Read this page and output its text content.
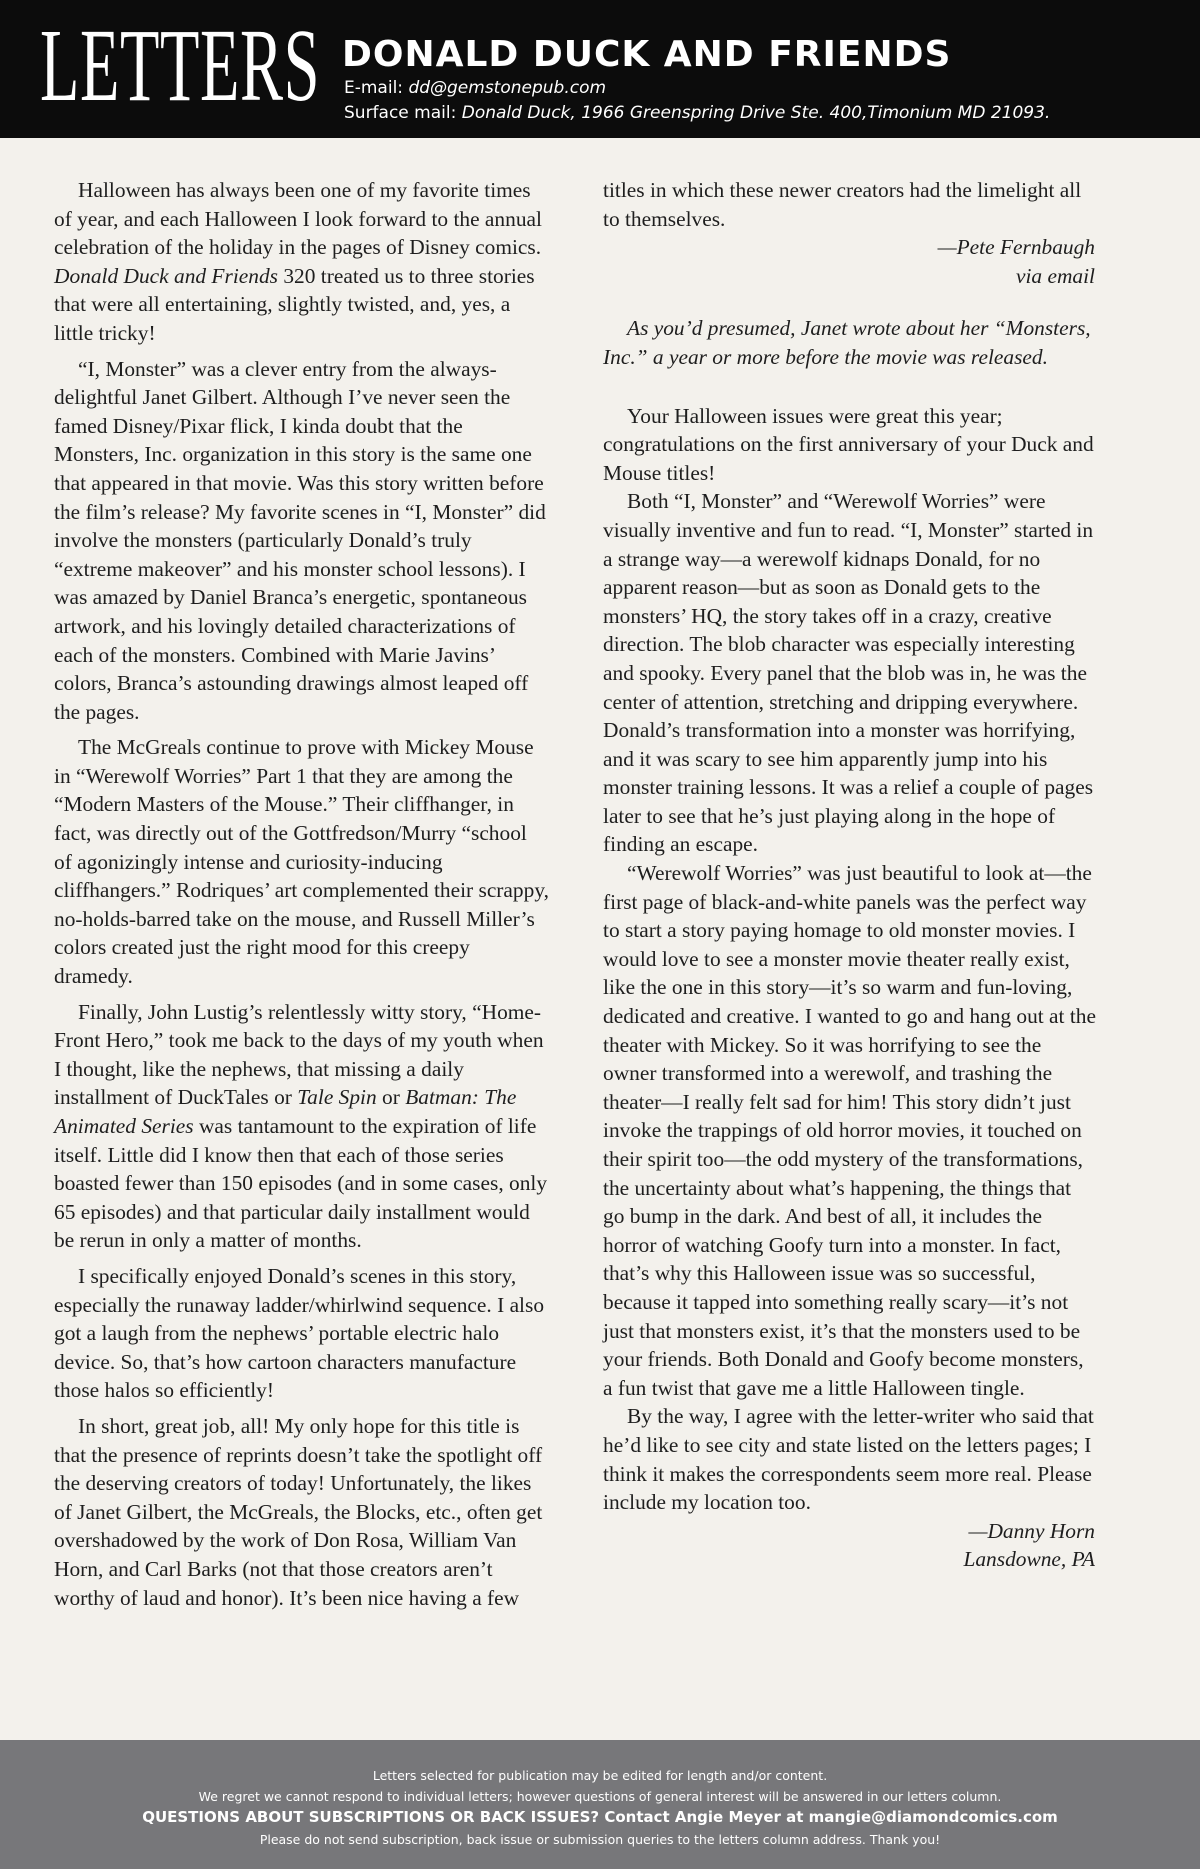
LETTERS DONALD DUCK AND FRIENDS
E-mail: dd@gemstonepub.com
Surface mail: Donald Duck, 1966 Greenspring Drive Ste. 400,Timonium MD 21093.

Halloween has always been one of my favorite times of year, and each Halloween I look forward to the annual celebration of the holiday in the pages of Disney comics. Donald Duck and Friends 320 treated us to three stories that were all entertaining, slightly twisted, and, yes, a little tricky!

“I, Monster” was a clever entry from the always-delightful Janet Gilbert. Although I’ve never seen the famed Disney/Pixar flick, I kinda doubt that the Monsters, Inc. organization in this story is the same one that appeared in that movie. Was this story written before the film’s release? My favorite scenes in “I, Monster” did involve the monsters (particularly Donald’s truly “extreme makeover” and his monster school lessons). I was amazed by Daniel Branca’s energetic, spontaneous artwork, and his lovingly detailed characterizations of each of the monsters. Combined with Marie Javins’ colors, Branca’s astounding drawings almost leaped off the pages.

The McGreals continue to prove with Mickey Mouse in “Werewolf Worries” Part 1 that they are among the “Modern Masters of the Mouse.” Their cliffhanger, in fact, was directly out of the Gottfredson/Murry “school of agonizingly intense and curiosity-inducing cliffhangers.” Rodriques’ art complemented their scrappy, no-holds-barred take on the mouse, and Russell Miller’s colors created just the right mood for this creepy dramedy.

Finally, John Lustig’s relentlessly witty story, “Home-Front Hero,” took me back to the days of my youth when I thought, like the nephews, that missing a daily installment of DuckTales or Tale Spin or Batman: The Animated Series was tantamount to the expiration of life itself. Little did I know then that each of those series boasted fewer than 150 episodes (and in some cases, only 65 episodes) and that particular daily installment would be rerun in only a matter of months.

I specifically enjoyed Donald’s scenes in this story, especially the runaway ladder/whirlwind sequence. I also got a laugh from the nephews’ portable electric halo device. So, that’s how cartoon characters manufacture those halos so efficiently!

In short, great job, all! My only hope for this title is that the presence of reprints doesn’t take the spotlight off the deserving creators of today! Unfortunately, the likes of Janet Gilbert, the McGreals, the Blocks, etc., often get overshadowed by the work of Don Rosa, William Van Horn, and Carl Barks (not that those creators aren’t worthy of laud and honor). It’s been nice having a few

titles in which these newer creators had the limelight all to themselves.

—Pete Fernbaugh
via email

As you’d presumed, Janet wrote about her “Monsters, Inc.” a year or more before the movie was released.

Your Halloween issues were great this year; congratulations on the first anniversary of your Duck and Mouse titles!

Both “I, Monster” and “Werewolf Worries” were visually inventive and fun to read. “I, Monster” started in a strange way—a werewolf kidnaps Donald, for no apparent reason—but as soon as Donald gets to the monsters’ HQ, the story takes off in a crazy, creative direction. The blob character was especially interesting and spooky. Every panel that the blob was in, he was the center of attention, stretching and dripping everywhere. Donald’s transformation into a monster was horrifying, and it was scary to see him apparently jump into his monster training lessons. It was a relief a couple of pages later to see that he’s just playing along in the hope of finding an escape.

“Werewolf Worries” was just beautiful to look at—the first page of black-and-white panels was the perfect way to start a story paying homage to old monster movies. I would love to see a monster movie theater really exist, like the one in this story—it’s so warm and fun-loving, dedicated and creative. I wanted to go and hang out at the theater with Mickey. So it was horrifying to see the owner transformed into a werewolf, and trashing the theater—I really felt sad for him! This story didn’t just invoke the trappings of old horror movies, it touched on their spirit too—the odd mystery of the transformations, the uncertainty about what’s happening, the things that go bump in the dark. And best of all, it includes the horror of watching Goofy turn into a monster. In fact, that’s why this Halloween issue was so successful, because it tapped into something really scary—it’s not just that monsters exist, it’s that the monsters used to be your friends. Both Donald and Goofy become monsters, a fun twist that gave me a little Halloween tingle.

By the way, I agree with the letter-writer who said that he’d like to see city and state listed on the letters pages; I think it makes the correspondents seem more real. Please include my location too.

—Danny Horn
Lansdowne, PA
Letters selected for publication may be edited for length and/or content.
We regret we cannot respond to individual letters; however questions of general interest will be answered in our letters column.
QUESTIONS ABOUT SUBSCRIPTIONS OR BACK ISSUES? Contact Angie Meyer at mangie@diamondcomics.com
Please do not send subscription, back issue or submission queries to the letters column address. Thank you!
